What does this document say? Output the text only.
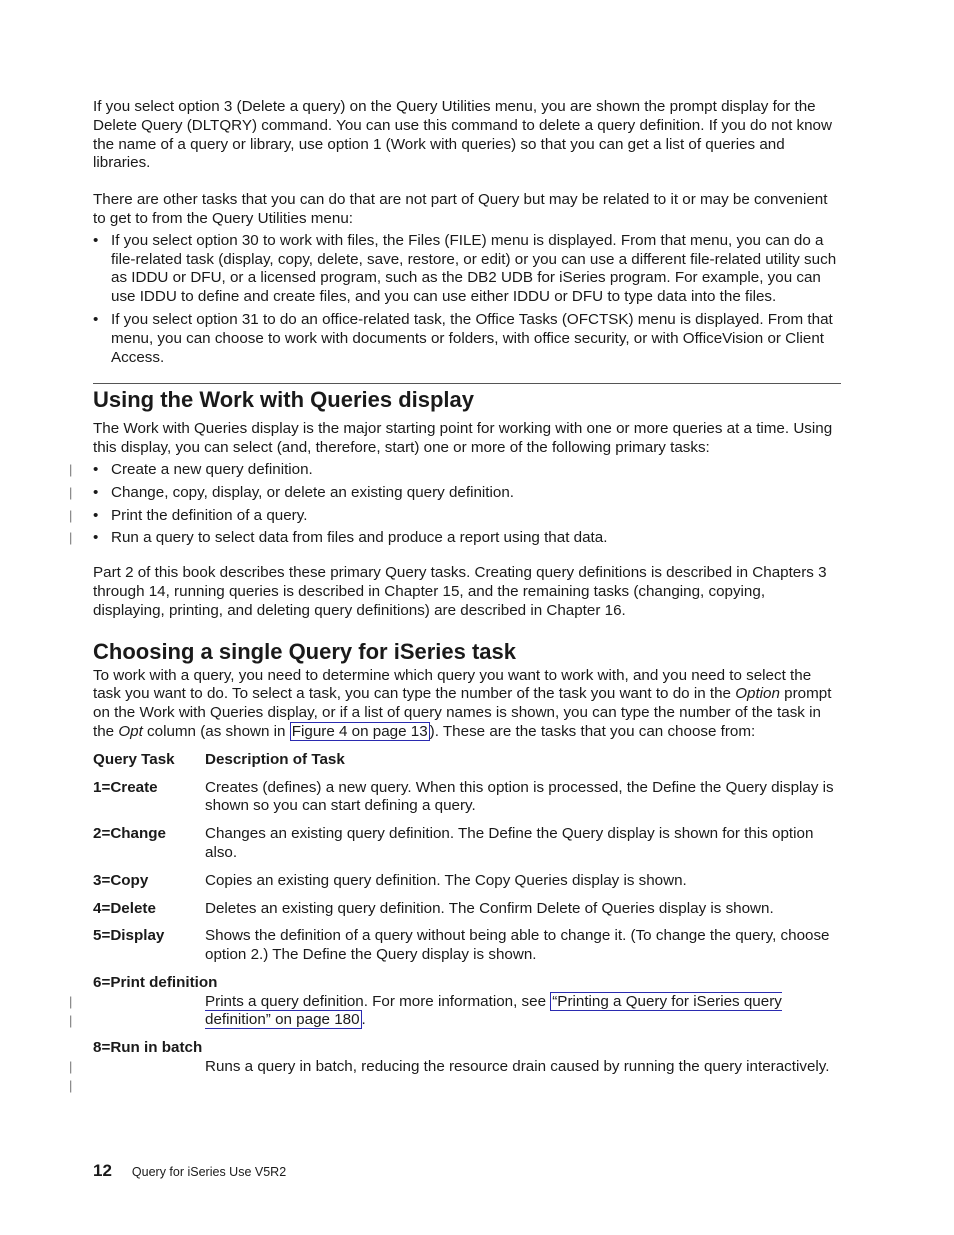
If you select option 3 (Delete a query) on the Query Utilities menu, you are shown the prompt display for the Delete Query (DLTQRY) command. You can use this command to delete a query definition. If you do not know the name of a query or library, use option 1 (Work with queries) so that you can get a list of queries and libraries.

There are other tasks that you can do that are not part of Query but may be related to it or may be convenient to get to from the Query Utilities menu:

• If you select option 30 to work with files, the Files (FILE) menu is displayed. From that menu, you can do a file-related task (display, copy, delete, save, restore, or edit) or you can use a different file-related utility such as IDDU or DFU, or a licensed program, such as the DB2 UDB for iSeries program. For example, you can use IDDU to define and create files, and you can use either IDDU or DFU to type data into the files.
• If you select option 31 to do an office-related task, the Office Tasks (OFCTSK) menu is displayed. From that menu, you can choose to work with documents or folders, with office security, or with OfficeVision or Client Access.
Using the Work with Queries display

The Work with Queries display is the major starting point for working with one or more queries at a time. Using this display, you can select (and, therefore, start) one or more of the following primary tasks:

| • Create a new query definition.
| • Change, copy, display, or delete an existing query definition.
| • Print the definition of a query.
| • Run a query to select data from files and produce a report using that data.

Part 2 of this book describes these primary Query tasks. Creating query definitions is described in Chapters 3 through 14, running queries is described in Chapter 15, and the remaining tasks (changing, copying, displaying, printing, and deleting query definitions) are described in Chapter 16.

Choosing a single Query for iSeries task

To work with a query, you need to determine which query you want to work with, and you need to select the task you want to do. To select a task, you can type the number of the task you want to do in the Option prompt on the Work with Queries display, or if a list of query names is shown, you can type the number of the task in the Opt column (as shown in Figure 4 on page 13 ). These are the tasks that you can choose from:

Query Task	Description of Task
1=Create	Creates (defines) a new query. When this option is processed, the Define the Query display is shown so you can start defining a query.
2=Change	Changes an existing query definition. The Define the Query display is shown for this option also.
3=Copy	Copies an existing query definition. The Copy Queries display is shown.
4=Delete	Deletes an existing query definition. The Confirm Delete of Queries display is shown.
5=Display	Shows the definition of a query without being able to change it. (To change the query, choose option 2.) The Define the Query display is shown.
6=Print definition
|
|
Prints a query definition. For more information, see “Printing a Query for iSeries query definition” on page 180 .
8=Run in batch
|
|
Runs a query in batch, reducing the resource drain caused by running the query interactively.
12 Query for iSeries Use V5R2
